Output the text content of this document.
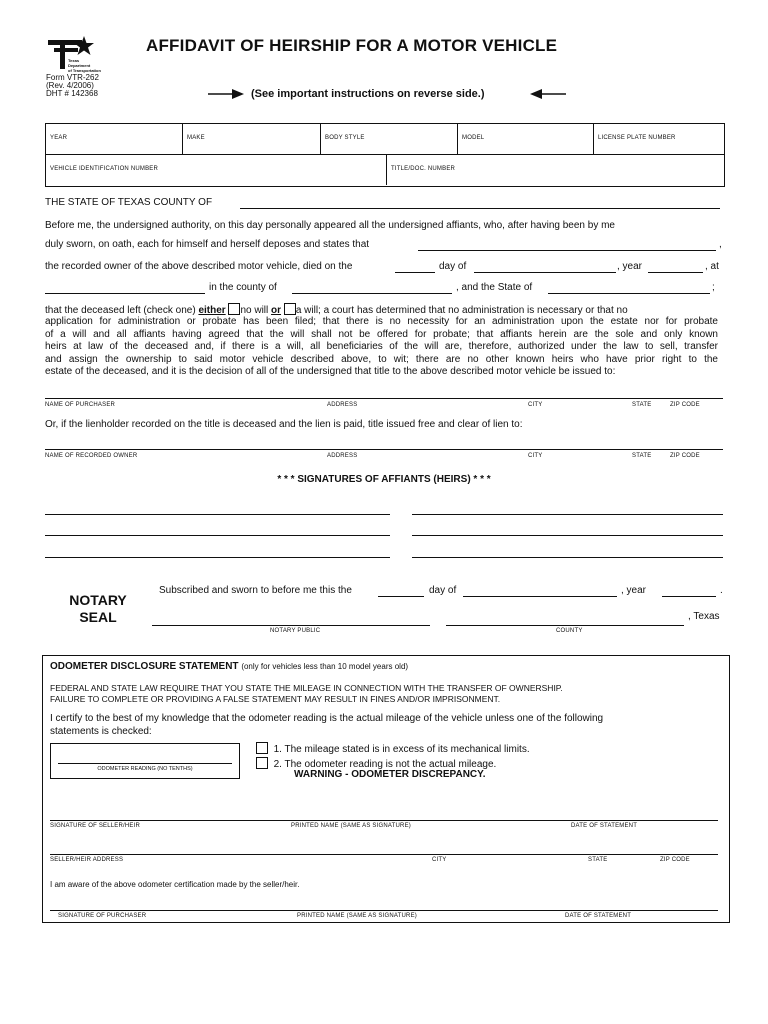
Texas
Department
of Transportation
Form VTR-262
(Rev. 4/2006)
DHT # 142368
AFFIDAVIT OF HEIRSHIP FOR A MOTOR VEHICLE
(See important instructions on reverse side.)
YEAR	MAKE	BODY STYLE	MODEL	LICENSE PLATE NUMBER
VEHICLE IDENTIFICATION NUMBER	TITLE/DOC. NUMBER
THE STATE OF TEXAS COUNTY OF
Before me, the undersigned authority, on this day personally appeared all the undersigned affiants, who, after having been by me
duly sworn, on oath, each for himself and herself deposes and states that	,
the recorded owner of the above described motor vehicle, died on the	day of	, year	, at
in the county of	, and the State of	;
that the deceased left (check one) either no will or a will; a court has determined that no administration is necessary or that no
application for administration or probate has been filed; that there is no necessity for an administration upon the estate nor for probate
of a will and all affiants having agreed that the will shall not be offered for probate; that affiants herein are the sole and only known
heirs at law of the deceased and, if there is a will, all beneficiaries of the will are, therefore, authorized under the law to sell, transfer
and assign the ownership to said motor vehicle described above, to wit; there are no other known heirs who have prior right to the
estate of the deceased, and it is the decision of all of the undersigned that title to the above described motor vehicle be issued to:
NAME OF PURCHASER	ADDRESS	CITY	STATE	ZIP CODE
Or, if the lienholder recorded on the title is deceased and the lien is paid, title issued free and clear of lien to:
NAME OF RECORDED OWNER	ADDRESS	CITY	STATE	ZIP CODE
* * * SIGNATURES OF AFFIANTS (HEIRS) * * *
NOTARY
SEAL
Subscribed and sworn to before me this the	day of	, year	.
, Texas
NOTARY PUBLIC	COUNTY
ODOMETER DISCLOSURE STATEMENT (only for vehicles less than 10 model years old)
FEDERAL AND STATE LAW REQUIRE THAT YOU STATE THE MILEAGE IN CONNECTION WITH THE TRANSFER OF OWNERSHIP.
FAILURE TO COMPLETE OR PROVIDING A FALSE STATEMENT MAY RESULT IN FINES AND/OR IMPRISONMENT.
I certify to the best of my knowledge that the odometer reading is the actual mileage of the vehicle unless one of the following
statements is checked:
ODOMETER READING (NO TENTHS)
1. The mileage stated is in excess of its mechanical limits.
2. The odometer reading is not the actual mileage.
WARNING - ODOMETER DISCREPANCY.
SIGNATURE OF SELLER/HEIR	PRINTED NAME (SAME AS SIGNATURE)	DATE OF STATEMENT
SELLER/HEIR ADDRESS	CITY	STATE	ZIP CODE
I am aware of the above odometer certification made by the seller/heir.
SIGNATURE OF PURCHASER	PRINTED NAME (SAME AS SIGNATURE)	DATE OF STATEMENT
